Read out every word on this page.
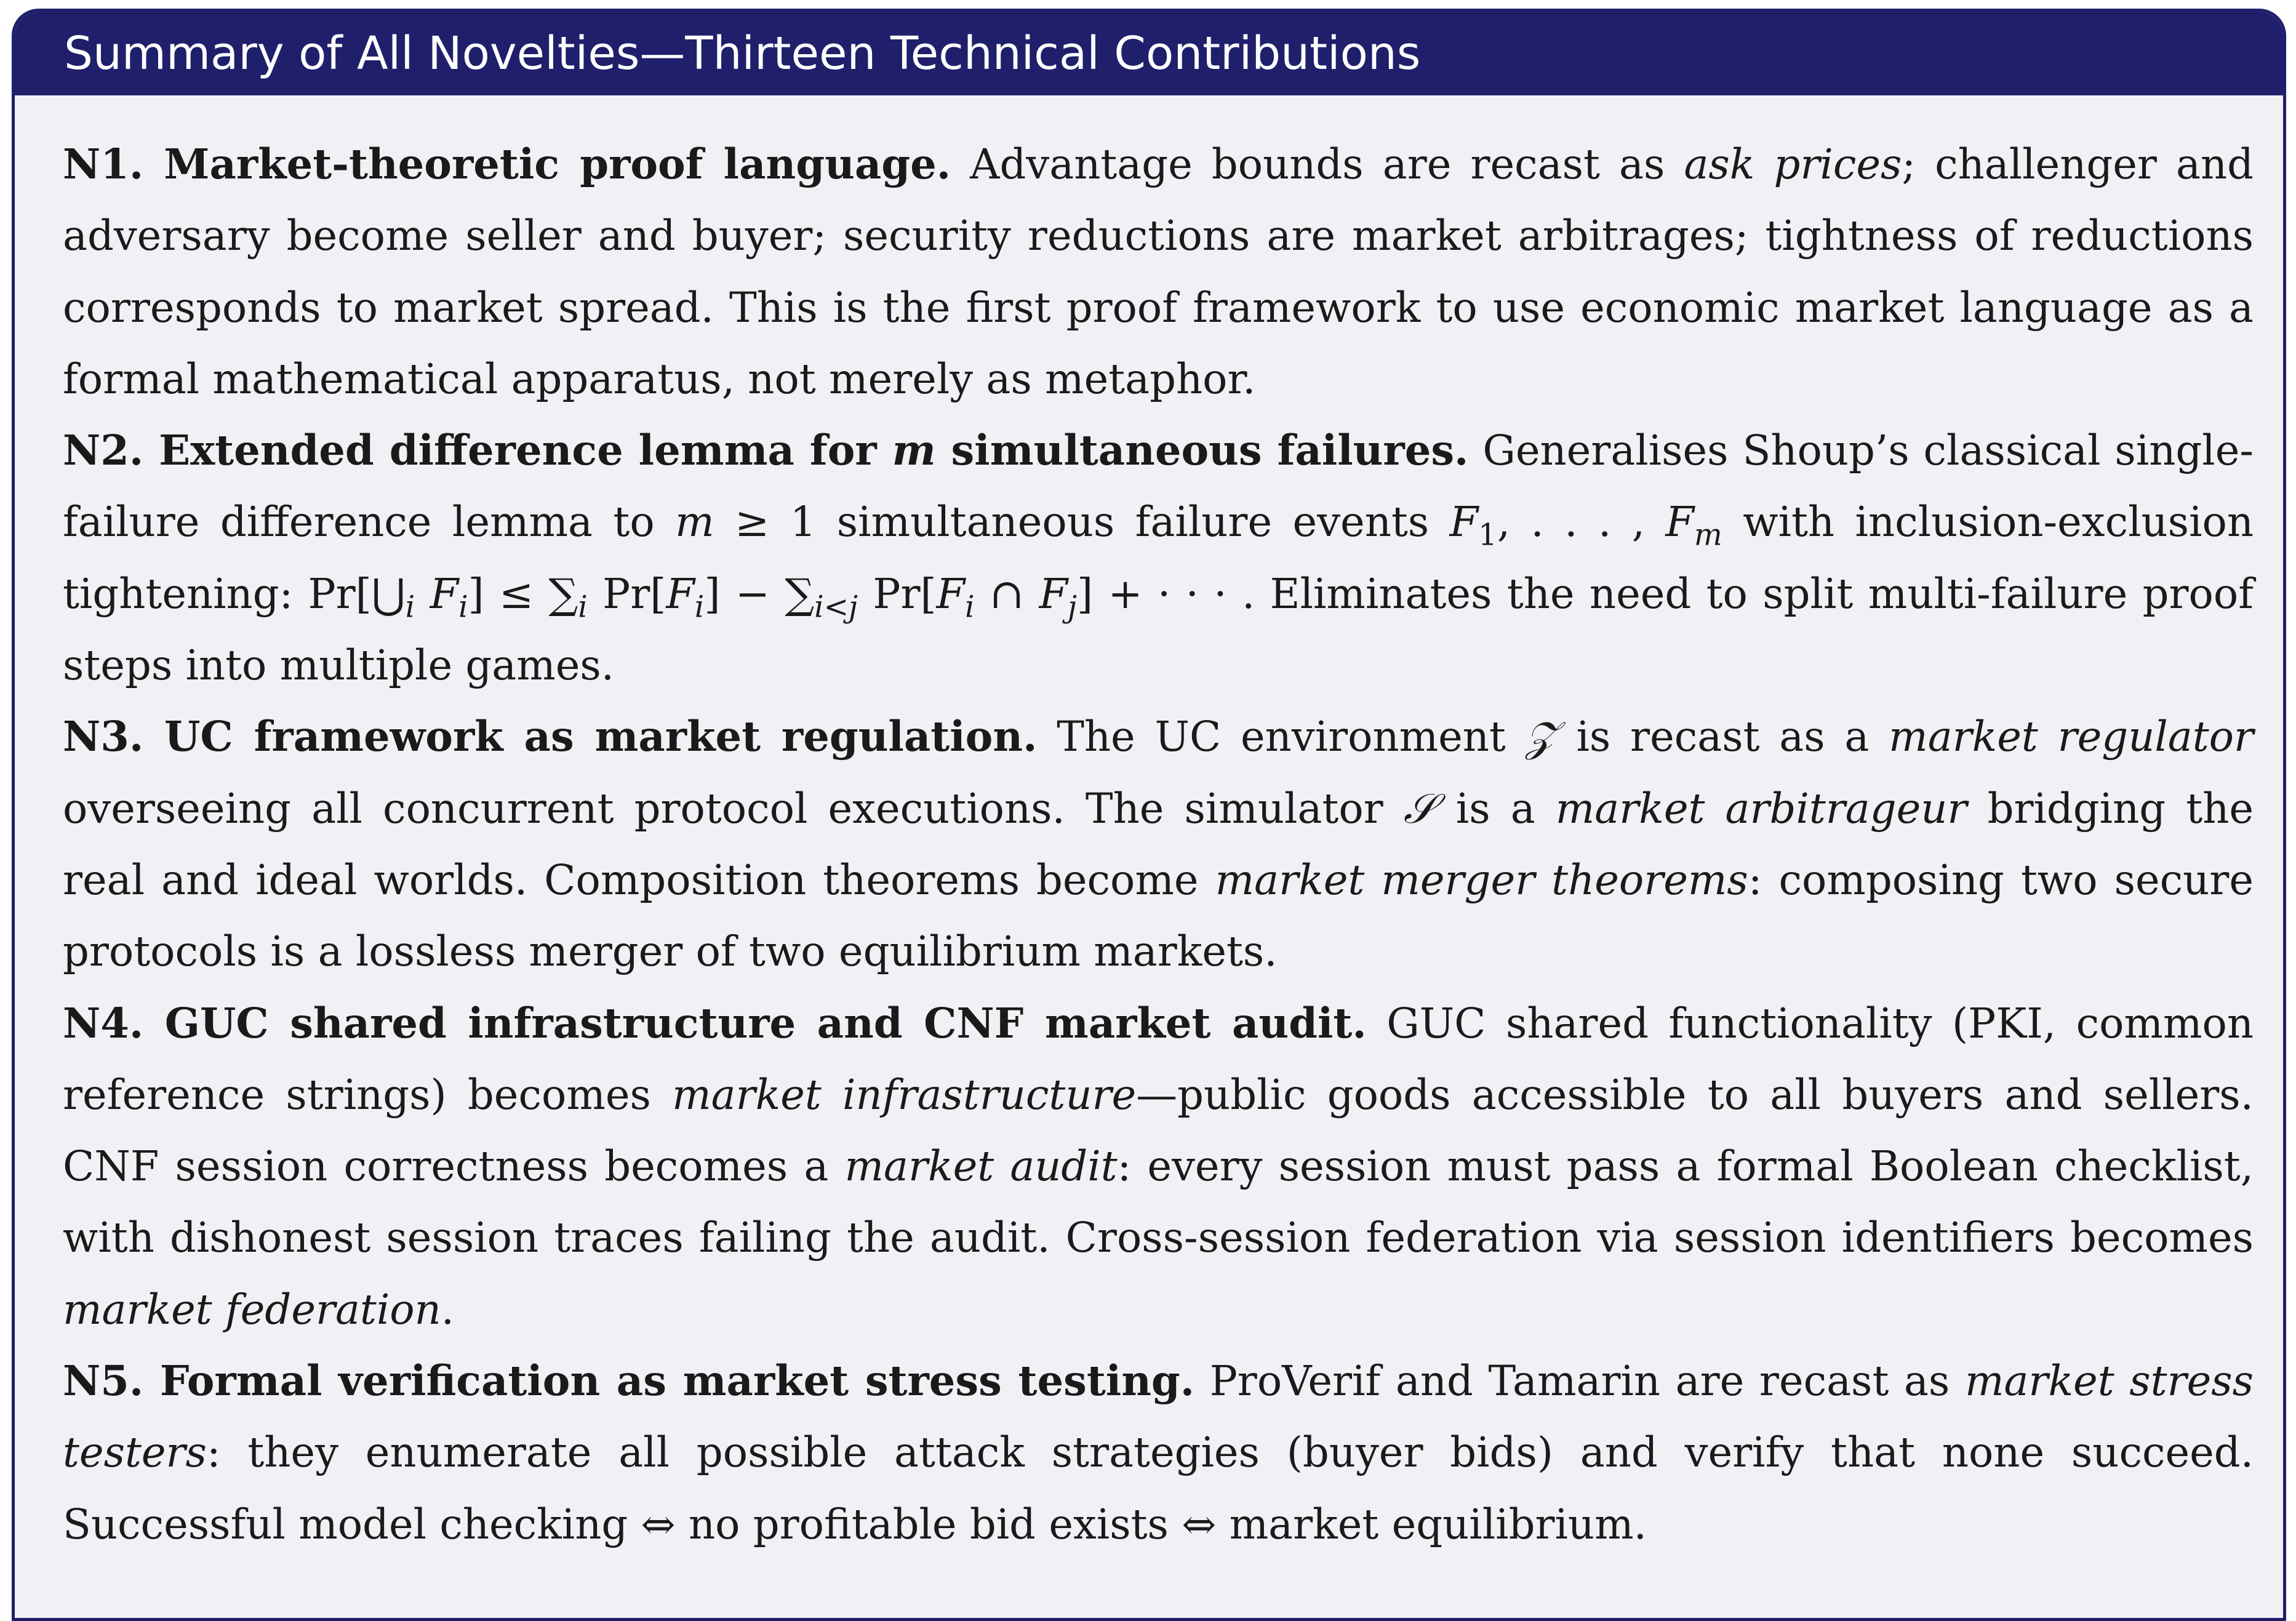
Summary of All Novelties—Thirteen Technical Contributions

N1. Market-theoretic proof language. Advantage bounds are recast as ask prices; challenger and adversary become seller and buyer; security reductions are market arbitrages; tightness of reductions corresponds to market spread. This is the first proof framework to use economic market language as a formal mathematical apparatus, not merely as metaphor.

N2. Extended difference lemma for m simultaneous failures. Generalises Shoup’s classical single-failure difference lemma to m ≥ 1 simultaneous failure events $F_1$, . . . , $F_m$ with inclusion-exclusion tightening: $Pr[⋃_i$ $F_i] \le \sum_i$ $Pr[F_i] - \sum_{i<j}$ $Pr[F_i$ ∩ $F_j$] + · · · . Eliminates the need to split multi-failure proof steps into multiple games.

N3. UC framework as market regulation. The UC environment 𝒵 is recast as a market regulator overseeing all concurrent protocol executions. The simulator 𝒮 is a market arbitrageur bridging the real and ideal worlds. Composition theorems become market merger theorems: composing two secure protocols is a lossless merger of two equilibrium markets.

N4. GUC shared infrastructure and CNF market audit. GUC shared functionality (PKI, common reference strings) becomes market infrastructure—public goods accessible to all buyers and sellers. CNF session correctness becomes a market audit: every session must pass a formal Boolean checklist, with dishonest session traces failing the audit. Cross-session federation via session identifiers becomes market federation.

N5. Formal verification as market stress testing. ProVerif and Tamarin are recast as market stress testers: they enumerate all possible attack strategies (buyer bids) and verify that none succeed. Successful model checking ⇔ no profitable bid exists ⇔ market equilibrium.
